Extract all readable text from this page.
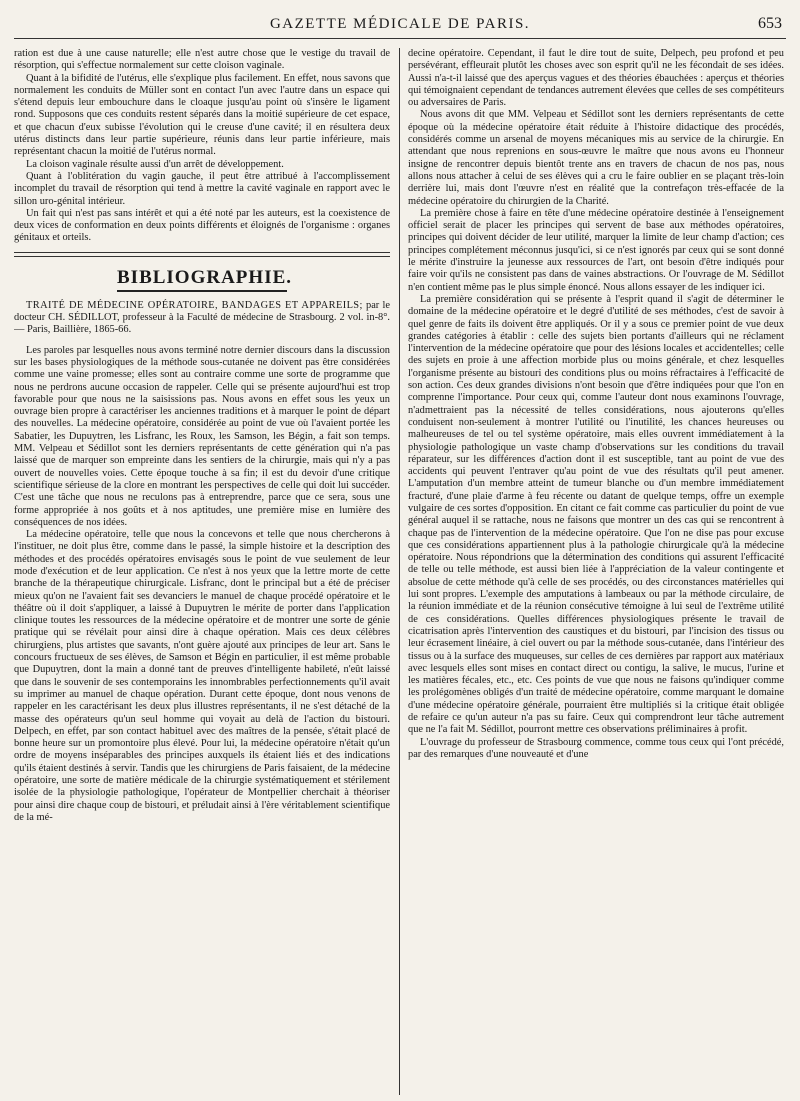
GAZETTE MÉDICALE DE PARIS.	653

ration est due à une cause naturelle; elle n'est autre chose que le vestige du travail de résorption, qui s'effectue normalement sur cette cloison vaginale.

Quant à la bifidité de l'utérus, elle s'explique plus facilement. En effet, nous savons que normalement les conduits de Müller sont en contact l'un avec l'autre dans un espace qui s'étend depuis leur embouchure dans le cloaque jusqu'au point où s'insère le ligament rond. Supposons que ces conduits restent séparés dans la moitié supérieure de cet espace, et que chacun d'eux subisse l'évolution qui le creuse d'une cavité; il en résultera deux utérus distincts dans leur partie supérieure, réunis dans leur partie inférieure, mais représentant chacun la moitié de l'utérus normal.

La cloison vaginale résulte aussi d'un arrêt de développement.

Quant à l'oblitération du vagin gauche, il peut être attribué à l'accomplissement incomplet du travail de résorption qui tend à mettre la cavité vaginale en rapport avec le sillon uro-génital intérieur.

Un fait qui n'est pas sans intérêt et qui a été noté par les auteurs, est la coexistence de deux vices de conformation en deux points différents et éloignés de l'organisme : organes génitaux et orteils.

BIBLIOGRAPHIE.

TRAITÉ DE MÉDECINE OPÉRATOIRE, BANDAGES ET APPAREILS; par le docteur CH. SÉDILLOT, professeur à la Faculté de médecine de Strasbourg. 2 vol. in-8°. — Paris, Baillière, 1865-66.

Les paroles par lesquelles nous avons terminé notre dernier discours dans la discussion sur les bases physiologiques de la méthode sous-cutanée ne doivent pas être considérées comme une vaine promesse; elles sont au contraire comme une sorte de programme que nous ne perdrons aucune occasion de rappeler. Celle qui se présente aujourd'hui est trop favorable pour que nous ne la saisissions pas. Nous avons en effet sous les yeux un ouvrage bien propre à caractériser les anciennes traditions et à marquer le point de départ des nouvelles. La médecine opératoire, considérée au point de vue où l'avaient portée les Sabatier, les Dupuytren, les Lisfranc, les Roux, les Samson, les Bégin, a fait son temps. MM. Velpeau et Sédillot sont les derniers représentants de cette génération qui n'a pas laissé que de marquer son empreinte dans les sentiers de la chirurgie, mais qui n'y a pas ouvert de nouvelles voies. Cette époque touche à sa fin; il est du devoir d'une critique scientifique sérieuse de la clore en montrant les perspectives de celle qui doit lui succéder. C'est une tâche que nous ne reculons pas à entreprendre, parce que ce sera, sous une forme appropriée à nos goûts et à nos aptitudes, une première mise en lumière des conséquences de nos idées.

La médecine opératoire, telle que nous la concevons et telle que nous chercherons à l'instituer, ne doit plus être, comme dans le passé, la simple histoire et la description des méthodes et des procédés opératoires envisagés sous le point de vue seulement de leur mode d'exécution et de leur application. Ce n'est à nos yeux que la lettre morte de cette branche de la thérapeutique chirurgicale. Lisfranc, dont le principal but a été de préciser mieux qu'on ne l'avaient fait ses devanciers le manuel de chaque procédé opératoire et le théâtre où il doit s'appliquer, a laissé à Dupuytren le mérite de porter dans l'application clinique toutes les ressources de la médecine opératoire et de montrer une sorte de génie pratique qui se révélait pour ainsi dire à chaque opération. Mais ces deux célèbres chirurgiens, plus artistes que savants, n'ont guère ajouté aux principes de leur art. Sans le concours fructueux de ses élèves, de Samson et Bégin en particulier, il est même probable que Dupuytren, dont la main a donné tant de preuves d'intelligente habileté, n'eût laissé que dans le souvenir de ses contemporains les innombrables perfectionnements qu'il avait su imprimer au manuel de chaque opération. Durant cette époque, dont nous venons de rappeler en les caractérisant les deux plus illustres représentants, il ne s'est détaché de la masse des opérateurs qu'un seul homme qui voyait au delà de l'action du bistouri. Delpech, en effet, par son contact habituel avec des maîtres de la pensée, s'était placé de bonne heure sur un promontoire plus élevé. Pour lui, la médecine opératoire n'était qu'un ordre de moyens inséparables des principes auxquels ils étaient liés et des indications qu'ils étaient destinés à servir. Tandis que les chirurgiens de Paris faisaient, de la médecine opératoire, une sorte de matière médicale de la chirurgie systématiquement et stérilement isolée de la physiologie pathologique, l'opérateur de Montpellier cherchait à théoriser pour ainsi dire chaque coup de bistouri, et préludait ainsi à l'ère véritablement scientifique de la mé-

decine opératoire. Cependant, il faut le dire tout de suite, Delpech, peu profond et peu persévérant, effleurait plutôt les choses avec son esprit qu'il ne les fécondait de ses idées. Aussi n'a-t-il laissé que des aperçus vagues et des théories ébauchées : aperçus et théories qui témoignaient cependant de tendances autrement élevées que celles de ses compétiteurs ou adversaires de Paris.

Nous avons dit que MM. Velpeau et Sédillot sont les derniers représentants de cette époque où la médecine opératoire était réduite à l'histoire didactique des procédés, considérés comme un arsenal de moyens mécaniques mis au service de la chirurgie. En attendant que nous reprenions en sous-œuvre le maître que nous avons eu l'honneur insigne de rencontrer depuis bientôt trente ans en travers de chacun de nos pas, nous allons nous attacher à celui de ses élèves qui a cru le faire oublier en se plaçant très-loin derrière lui, mais dont l'œuvre n'est en réalité que la contrefaçon très-effacée de la médecine opératoire du chirurgien de la Charité.

La première chose à faire en tête d'une médecine opératoire destinée à l'enseignement officiel serait de placer les principes qui servent de base aux méthodes opératoires, principes qui doivent décider de leur utilité, marquer la limite de leur champ d'action; ces principes complétement méconnus jusqu'ici, si ce n'est ignorés par ceux qui se sont donné le mérite d'instruire la jeunesse aux ressources de l'art, ont besoin d'être indiqués pour faire voir qu'ils ne consistent pas dans de vaines abstractions. Or l'ouvrage de M. Sédillot n'en contient même pas le plus simple énoncé. Nous allons essayer de les indiquer ici.

La première considération qui se présente à l'esprit quand il s'agit de déterminer le domaine de la médecine opératoire et le degré d'utilité de ses méthodes, c'est de savoir à quel genre de faits ils doivent être appliqués. Or il y a sous ce premier point de vue deux grandes catégories à établir : celle des sujets bien portants d'ailleurs qui ne réclament l'intervention de la médecine opératoire que pour des lésions locales et accidentelles; celle des sujets en proie à une affection morbide plus ou moins générale, et chez lesquelles l'organisme présente au bistouri des conditions plus ou moins réfractaires à l'efficacité de son action. Ces deux grandes divisions n'ont besoin que d'être indiquées pour que l'on en comprenne l'importance. Pour ceux qui, comme l'auteur dont nous examinons l'ouvrage, n'admettraient pas la nécessité de telles considérations, nous ajouterons qu'elles conduisent non-seulement à montrer l'utilité ou l'inutilité, les chances heureuses ou malheureuses de tel ou tel système opératoire, mais elles ouvrent immédiatement à la physiologie pathologique un vaste champ d'observations sur les conditions du travail réparateur, sur les différences d'action dont il est susceptible, tant au point de vue des accidents qui peuvent l'entraver qu'au point de vue des résultats qu'il peut amener. L'amputation d'un membre atteint de tumeur blanche ou d'un membre immédiatement fracturé, d'une plaie d'arme à feu récente ou datant de quelque temps, offre un exemple vulgaire de ces sortes d'opposition. En citant ce fait comme cas particulier du point de vue général auquel il se rattache, nous ne faisons que montrer un des cas qui se rencontrent à chaque pas de l'intervention de la médecine opératoire. Que l'on ne dise pas pour excuse que ces considérations appartiennent plus à la pathologie chirurgicale qu'à la médecine opératoire. Nous répondrions que la détermination des conditions qui assurent l'efficacité de telle ou telle méthode, est aussi bien liée à l'appréciation de la valeur contingente et absolue de cette méthode qu'à celle de ses procédés, ou des circonstances matérielles qui lui sont propres. L'exemple des amputations à lambeaux ou par la méthode circulaire, de la réunion immédiate et de la réunion consécutive témoigne à lui seul de l'extrême utilité de ces considérations. Quelles différences physiologiques présente le travail de cicatrisation après l'intervention des caustiques et du bistouri, par l'incision des tissus ou leur écrasement linéaire, à ciel ouvert ou par la méthode sous-cutanée, dans l'intérieur des tissus ou à la surface des muqueuses, sur celles de ces dernières par rapport aux matériaux avec lesquels elles sont mises en contact direct ou contigu, la salive, le mucus, l'urine et les matières fécales, etc., etc. Ces points de vue que nous ne faisons qu'indiquer comme les prolégomènes obligés d'un traité de médecine opératoire, comme marquant le domaine d'une médecine opératoire générale, pourraient être multipliés si la critique était obligée de refaire ce qu'un auteur n'a pas su faire. Ceux qui comprendront leur tâche autrement que ne l'a fait M. Sédillot, pourront mettre ces observations préliminaires à profit.

L'ouvrage du professeur de Strasbourg commence, comme tous ceux qui l'ont précédé, par des remarques d'une nouveauté et d'une
